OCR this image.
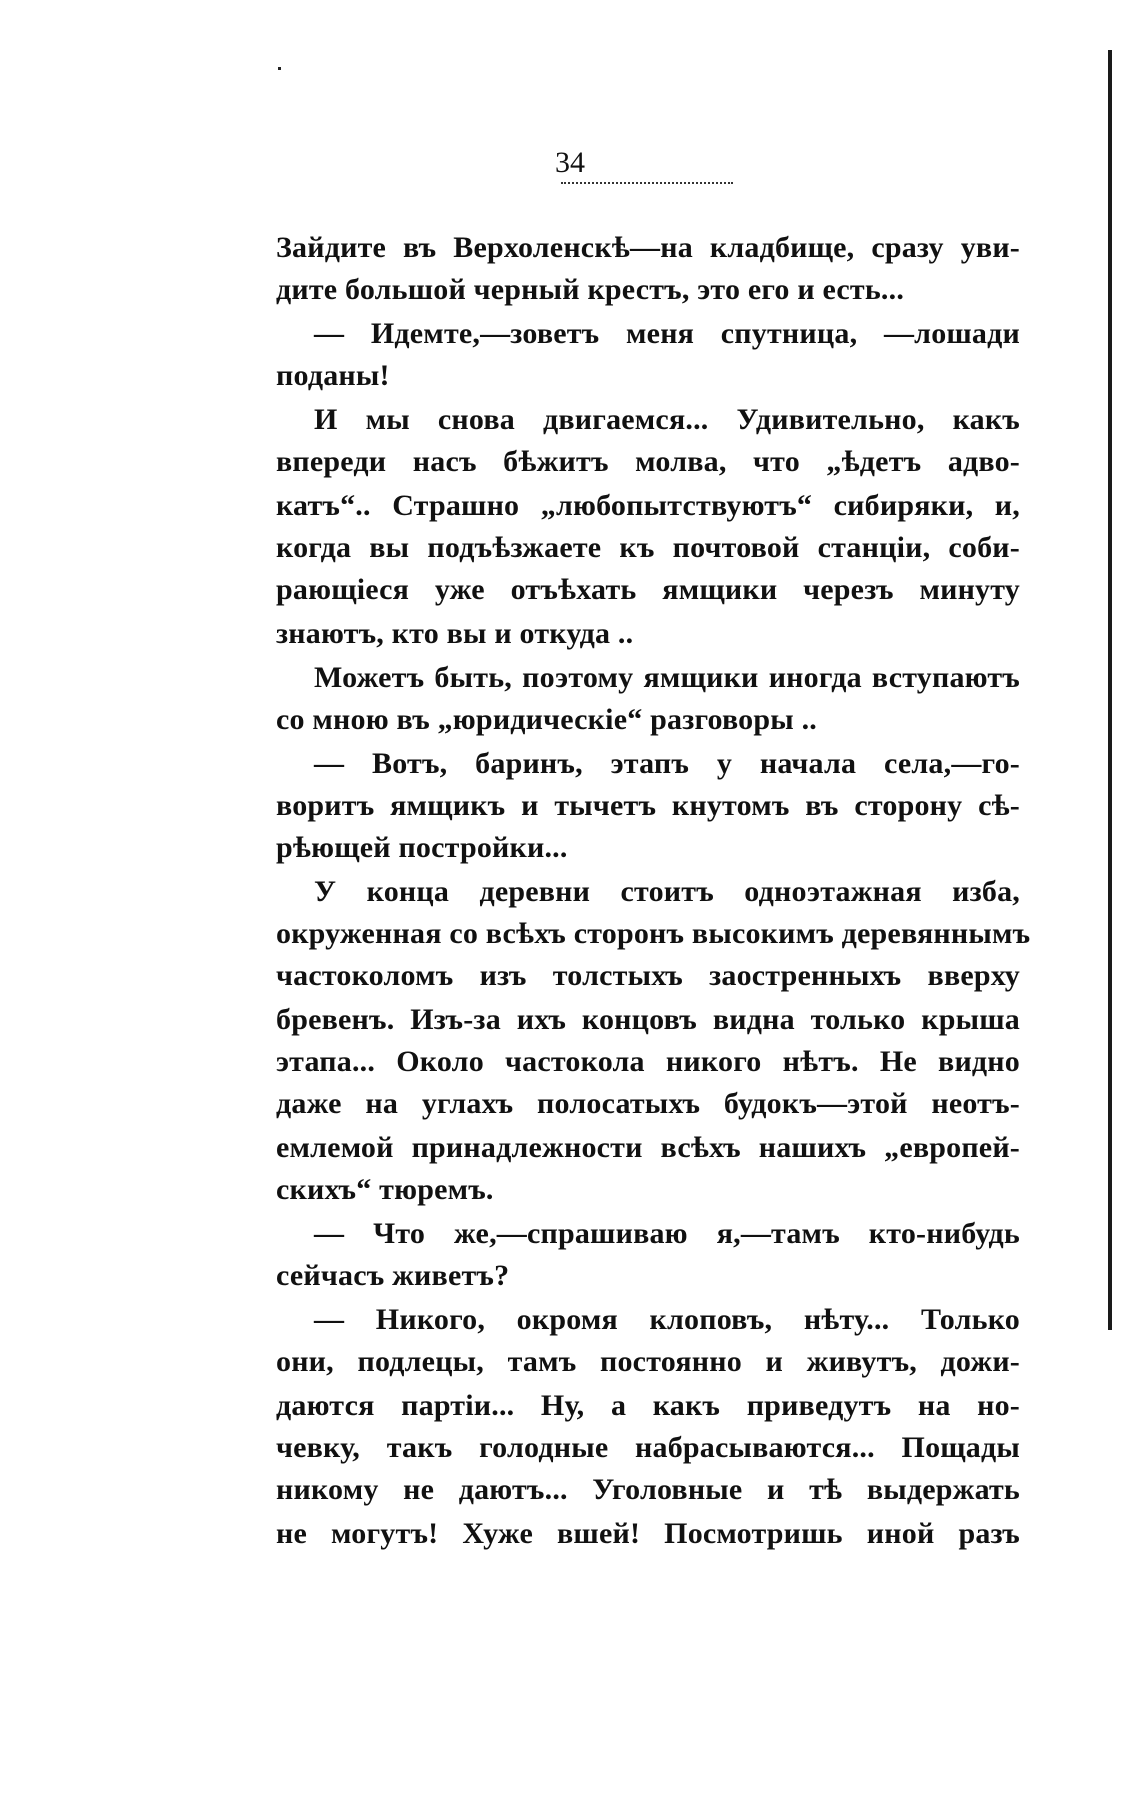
34
Зайдите въ Верхоленскѣ—на кладбище, сразу уви-
дите большой черный крестъ, это его и есть...
— Идемте,—зоветъ меня спутница, —лошади
поданы!
И мы снова двигаемся... Удивительно, какъ
впереди насъ бѣжитъ молва, что „ѣдетъ адво-
катъ“.. Страшно „любопытствуютъ“ сибиряки, и,
когда вы подъѣзжаете къ почтовой станціи, соби-
рающіеся уже отъѣхать ямщики черезъ минуту
знаютъ, кто вы и откуда ..
Можетъ быть, поэтому ямщики иногда вступаютъ
со мною въ „юридическіе“ разговоры ..
— Вотъ, баринъ, этапъ у начала села,—го-
воритъ ямщикъ и тычетъ кнутомъ въ сторону сѣ-
рѣющей постройки...
У конца деревни стоитъ одноэтажная изба,
окруженная со всѣхъ сторонъ высокимъ деревяннымъ
частоколомъ изъ толстыхъ заостренныхъ вверху
бревенъ. Изъ-за ихъ концовъ видна только крыша
этапа... Около частокола никого нѣтъ. Не видно
даже на углахъ полосатыхъ будокъ—этой неотъ-
емлемой принадлежности всѣхъ нашихъ „европей-
скихъ“ тюремъ.
— Что же,—спрашиваю я,—тамъ кто-нибудь
сейчасъ живетъ?
— Никого, окромя клоповъ, нѣту... Только
они, подлецы, тамъ постоянно и живутъ, дожи-
даются партіи... Ну, а какъ приведутъ на но-
чевку, такъ голодные набрасываются... Пощады
никому не даютъ... Уголовные и тѣ выдержать
не могутъ! Хуже вшей! Посмотришь иной разъ
